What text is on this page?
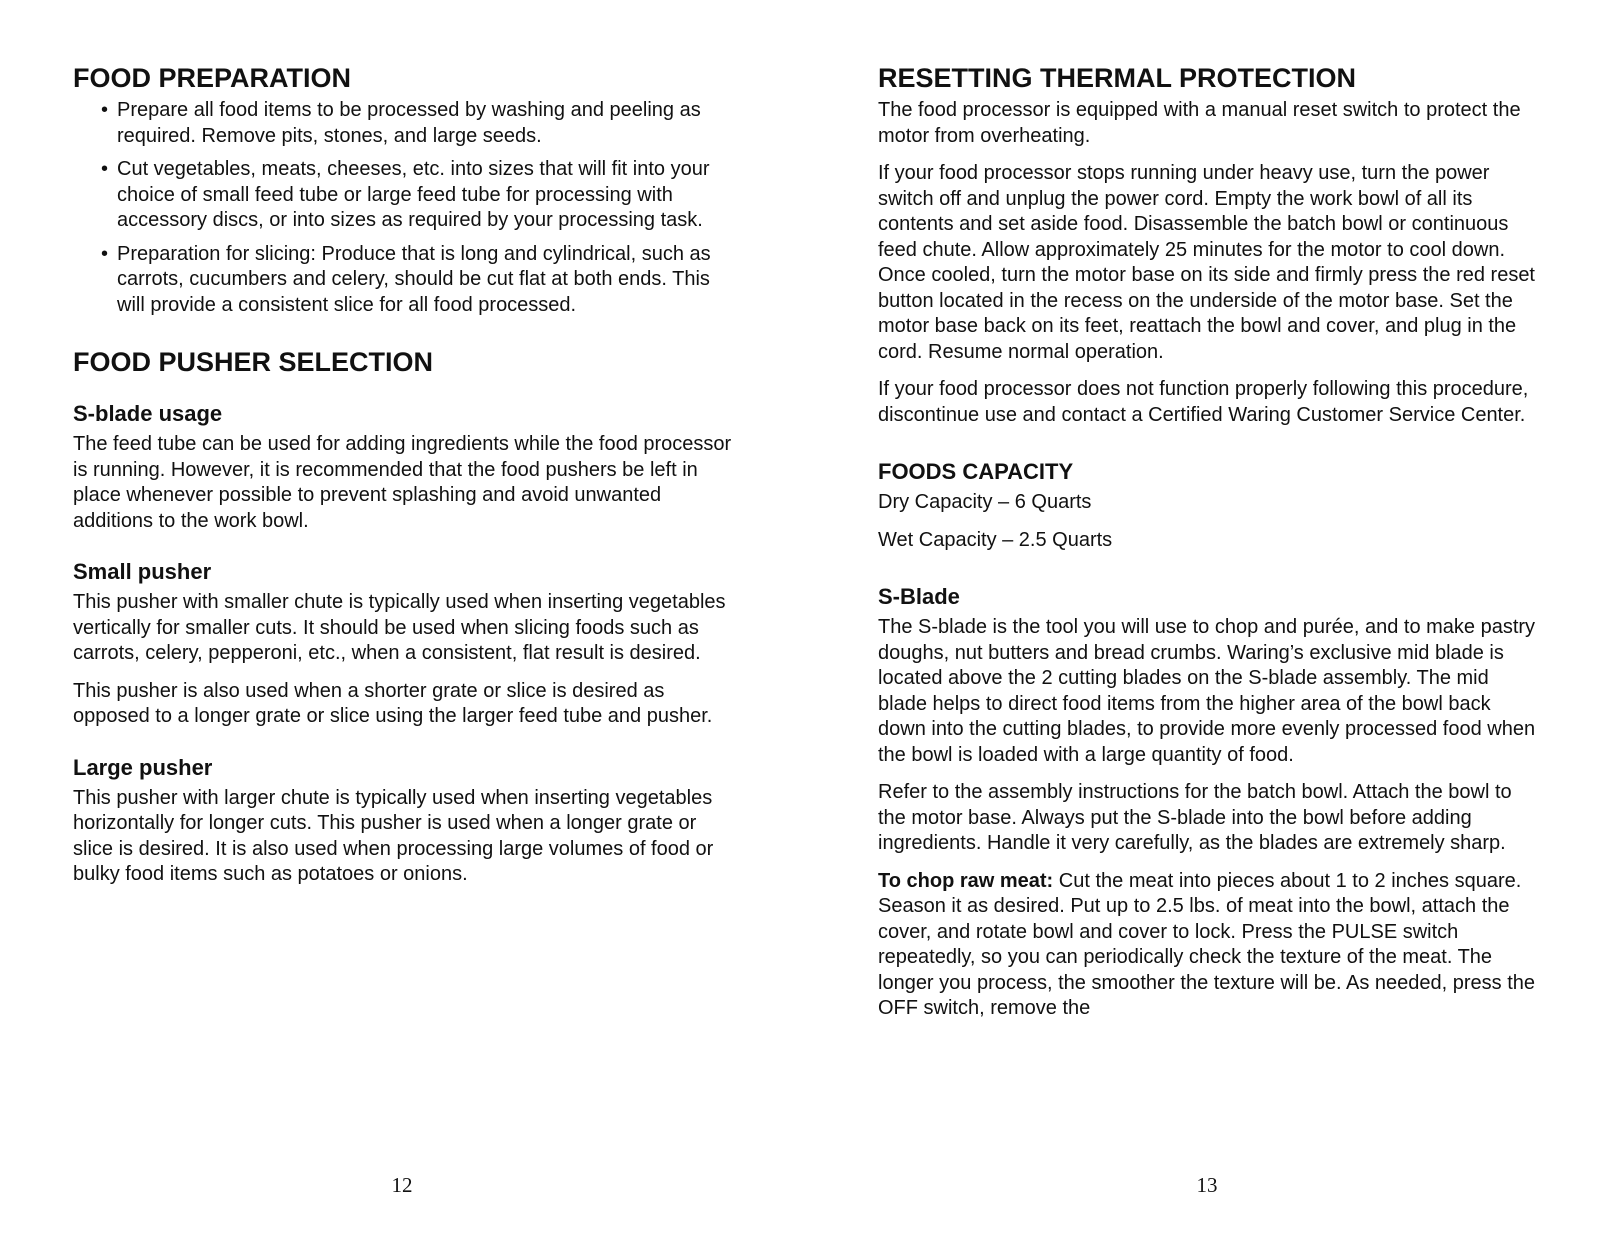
FOOD PREPARATION
• Prepare all food items to be processed by washing and peeling as required. Remove pits, stones, and large seeds.
• Cut vegetables, meats, cheeses, etc. into sizes that will fit into your choice of small feed tube or large feed tube for processing with accessory discs, or into sizes as required by your processing task.
• Preparation for slicing: Produce that is long and cylindrical, such as carrots, cucumbers and celery, should be cut flat at both ends. This will provide a consistent slice for all food processed.
FOOD PUSHER SELECTION
S-blade usage

The feed tube can be used for adding ingredients while the food processor is running. However, it is recommended that the food pushers be left in place whenever possible to prevent splashing and avoid unwanted additions to the work bowl.

Small pusher

This pusher with smaller chute is typically used when inserting vegetables vertically for smaller cuts. It should be used when slicing foods such as carrots, celery, pepperoni, etc., when a consistent, flat result is desired.

This pusher is also used when a shorter grate or slice is desired as opposed to a longer grate or slice using the larger feed tube and pusher.

Large pusher

This pusher with larger chute is typically used when inserting vegetables horizontally for longer cuts. This pusher is used when a longer grate or slice is desired. It is also used when processing large volumes of food or bulky food items such as potatoes or onions.

RESETTING THERMAL PROTECTION

The food processor is equipped with a manual reset switch to protect the motor from overheating.

If your food processor stops running under heavy use, turn the power switch off and unplug the power cord. Empty the work bowl of all its contents and set aside food. Disassemble the batch bowl or continuous feed chute. Allow approximately 25 minutes for the motor to cool down. Once cooled, turn the motor base on its side and firmly press the red reset button located in the recess on the underside of the motor base. Set the motor base back on its feet, reattach the bowl and cover, and plug in the cord. Resume normal operation.

If your food processor does not function properly following this procedure, discontinue use and contact a Certified Waring Customer Service Center.

FOODS CAPACITY

Dry Capacity – 6 Quarts

Wet Capacity – 2.5 Quarts

S-Blade

The S-blade is the tool you will use to chop and purée, and to make pastry doughs, nut butters and bread crumbs. Waring’s exclusive mid blade is located above the 2 cutting blades on the S-blade assembly. The mid blade helps to direct food items from the higher area of the bowl back down into the cutting blades, to provide more evenly processed food when the bowl is loaded with a large quantity of food.

Refer to the assembly instructions for the batch bowl. Attach the bowl to the motor base. Always put the S-blade into the bowl before adding ingredients. Handle it very carefully, as the blades are extremely sharp.

To chop raw meat: Cut the meat into pieces about 1 to 2 inches square. Season it as desired. Put up to 2.5 lbs. of meat into the bowl, attach the cover, and rotate bowl and cover to lock. Press the PULSE switch repeatedly, so you can periodically check the texture of the meat. The longer you process, the smoother the texture will be. As needed, press the OFF switch, remove the

12	13
